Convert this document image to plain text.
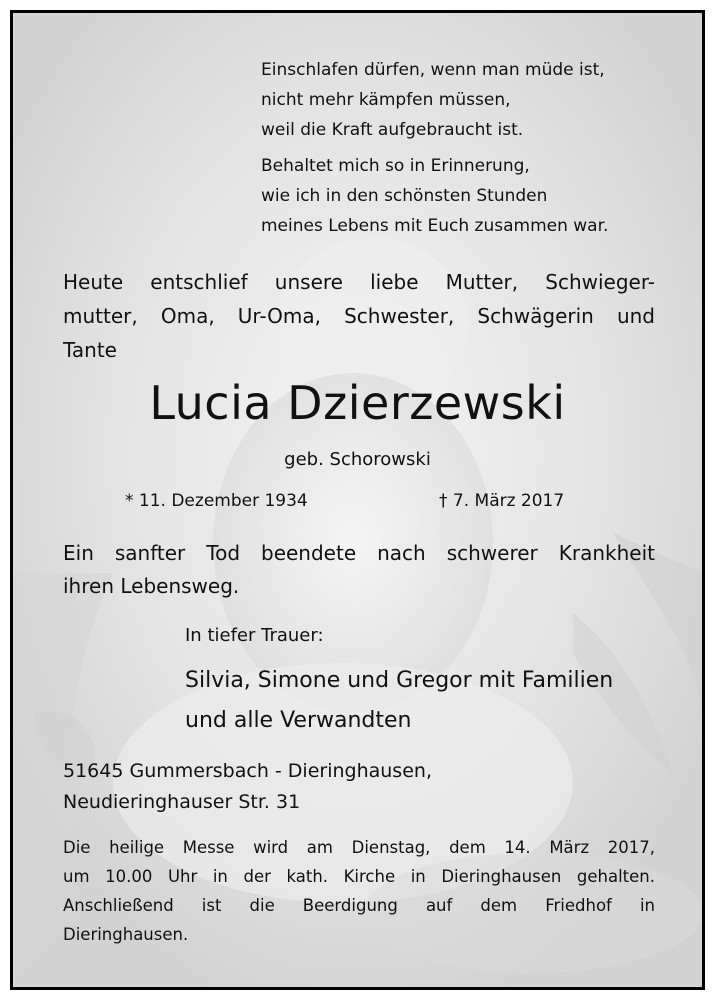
Einschlafen dürfen, wenn man müde ist,
nicht mehr kämpfen müssen,
weil die Kraft aufgebraucht ist.
Behaltet mich so in Erinnerung,
wie ich in den schönsten Stunden
meines Lebens mit Euch zusammen war.
Heute entschlief unsere liebe Mutter, Schwieger-
mutter, Oma, Ur-Oma, Schwester, Schwägerin und
Tante
Lucia Dzierzewski
geb. Schorowski
* 11. Dezember 1934	† 7. März 2017
Ein sanfter Tod beendete nach schwerer Krankheit
ihren Lebensweg.
In tiefer Trauer:
Silvia, Simone und Gregor mit Familien
und alle Verwandten
51645 Gummersbach - Dieringhausen,
Neudieringhauser Str. 31
Die heilige Messe wird am Dienstag, dem 14. März 2017,
um 10.00 Uhr in der kath. Kirche in Dieringhausen gehalten.
Anschließend ist die Beerdigung auf dem Friedhof in
Dieringhausen.
